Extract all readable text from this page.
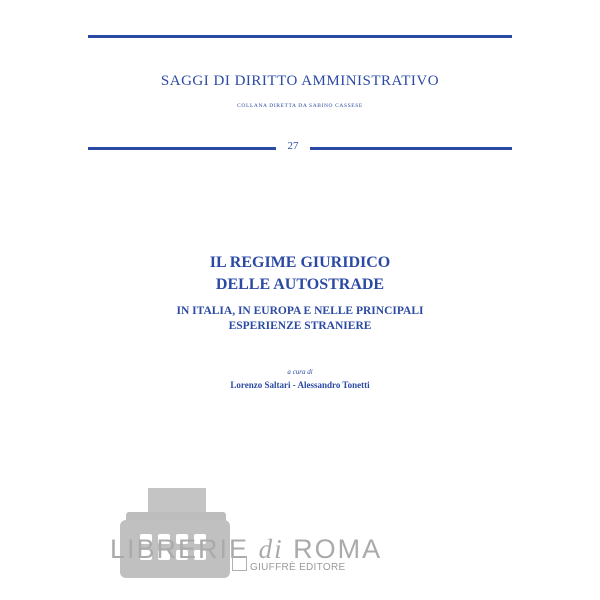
SAGGI DI DIRITTO AMMINISTRATIVO
COLLANA DIRETTA DA SABINO CASSESE
27
IL REGIME GIURIDICO
DELLE AUTOSTRADE
IN ITALIA, IN EUROPA E NELLE PRINCIPALI
ESPERIENZE STRANIERE
a cura di
Lorenzo Saltari - Alessandro Tonetti
LIBRERIE di ROMA
GIUFFRÈ EDITORE
